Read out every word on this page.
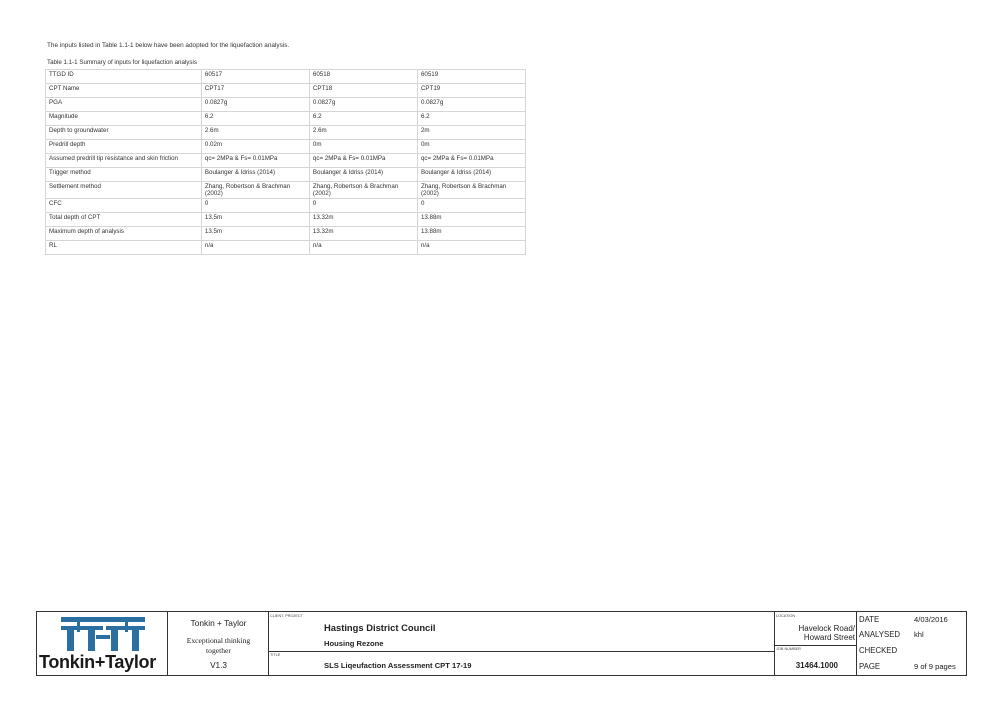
The inputs listed in Table 1.1-1 below have been adopted for the liquefaction analysis.
Table 1.1-1 Summary of inputs for liquefaction analysis
TTGD ID	60517	60518	60519
CPT Name	CPT17	CPT18	CPT19
PGA	0.0827g	0.0827g	0.0827g
Magnitude	6.2	6.2	6.2
Depth to groundwater	2.6m	2.6m	2m
Predrill depth	0.02m	0m	0m
Assumed predrill tip resistance and skin friction	qc= 2MPa & Fs= 0.01MPa	qc= 2MPa & Fs= 0.01MPa	qc= 2MPa & Fs= 0.01MPa
Trigger method	Boulanger & Idriss (2014)	Boulanger & Idriss (2014)	Boulanger & Idriss (2014)
Settlement method	Zhang, Robertson & Brachman (2002)	Zhang, Robertson & Brachman (2002)	Zhang, Robertson & Brachman (2002)
CFC	0	0	0
Total depth of CPT	13.5m	13.32m	13.88m
Maximum depth of analysis	13.5m	13.32m	13.88m
RL	n/a	n/a	n/a
Tonkin+Taylor
Tonkin + Taylor
Exceptional thinking
together
V1.3
CLIENT, PROJECT
Hastings District Council
Housing Rezone
TITLE
SLS Liqeufaction Assessment CPT 17-19
LOCATION
Havelock Road/
Howard Street
JOB NUMBER
31464.1000
DATE	4/03/2016
ANALYSED khl
CHECKED
PAGE	9 of 9 pages
